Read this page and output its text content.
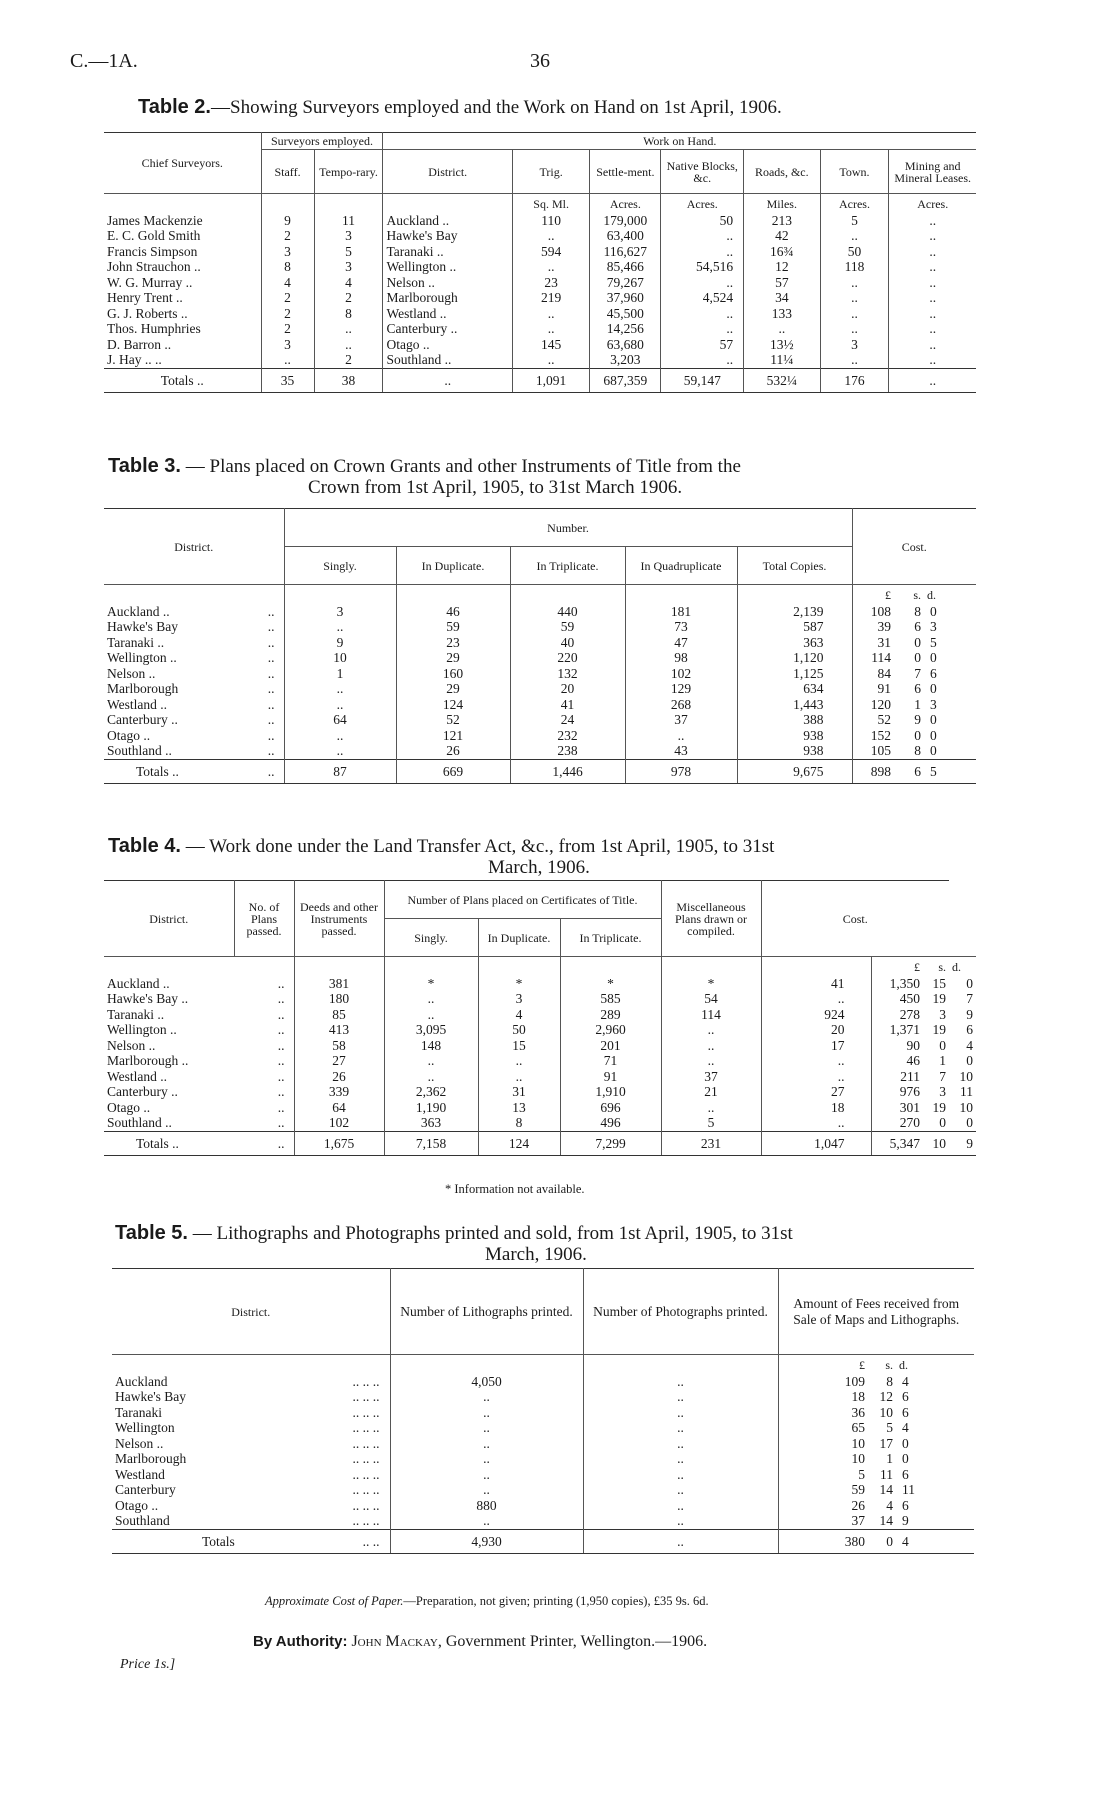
C.—1A.	36
Table 2.—Showing Surveyors employed and the Work on Hand on 1st April, 1906.
Chief Surveyors.	Surveyors employed.		Work on Hand.						
	Staff.	Tempo-rary.	District.	Trig.	Settle-ment.	Native Blocks, &c.	Roads, &c.	Town.	Mining and Mineral Leases.
				Sq. Ml.	Acres.	Acres.	Miles.	Acres.	Acres.
James Mackenzie	9	11	Auckland ..	110	179,000	50	213	5	..
E. C. Gold Smith	2	3	Hawke's Bay	..	63,400	..	42	..	..
Francis Simpson	3	5	Taranaki ..	594	116,627	..	16¾	50	..
John Strauchon ..	8	3	Wellington ..	..	85,466	54,516	12	118	..
W. G. Murray ..	4	4	Nelson ..	23	79,267	..	57	..	..
Henry Trent ..	2	2	Marlborough	219	37,960	4,524	34	..	..
G. J. Roberts ..	2	8	Westland ..	..	45,500	..	133	..	..
Thos. Humphries	2	..	Canterbury ..	..	14,256	..	..	..	..
D. Barron ..	3	..	Otago ..	145	63,680	57	13½	3	..
J. Hay .. ..	..	2	Southland ..	..	3,203	..	11¼	..	..
Totals ..	35	38	..	1,091	687,359	59,147	532¼	176	..
Table 3. — Plans placed on Crown Grants and other Instruments of Title from the
Crown from 1st April, 1905, to 31st March 1906.
District.	Number.					Cost.		
	Singly.	In Duplicate.	In Triplicate.	In Quadruplicate	Total Copies.			
						£	s.	d.
Auckland .. ..	3	46	440	181	2,139	108	8	0
Hawke's Bay ..	..	59	59	73	587	39	6	3
Taranaki .. ..	9	23	40	47	363	31	0	5
Wellington .. ..	10	29	220	98	1,120	114	0	0
Nelson .. ..	1	160	132	102	1,125	84	7	6
Marlborough ..	..	29	20	129	634	91	6	0
Westland .. ..	..	124	41	268	1,443	120	1	3
Canterbury .. ..	64	52	24	37	388	52	9	0
Otago .. ..	..	121	232	..	938	152	0	0
Southland .. ..	..	26	238	43	938	105	8	0
Totals .. ..	87	669	1,446	978	9,675	898	6	5
Table 4. — Work done under the Land Transfer Act, &c., from 1st April, 1905, to 31st
March, 1906.
District.	No. of Plans passed.	Deeds and other Instruments passed.	Number of Plans placed on Certificates of Title.			Miscellaneous Plans drawn or compiled.	Cost.			
			Singly.	In Duplicate.	In Triplicate.					
								£	s.	d.
Auckland .. ..		381	*	*	*	*	41	1,350	15	0
Hawke's Bay .. ..		180	..	3	585	54	..	450	19	7
Taranaki .. ..		85	..	4	289	114	924	278	3	9
Wellington .. ..		413	3,095	50	2,960	..	20	1,371	19	6
Nelson .. ..		58	148	15	201	..	17	90	0	4
Marlborough .. ..		27	..	..	71	..	..	46	1	0
Westland .. ..		26	..	..	91	37	..	211	7	10
Canterbury .. ..		339	2,362	31	1,910	21	27	976	3	11
Otago .. ..		64	1,190	13	696	..	18	301	19	10
Southland .. ..		102	363	8	496	5	..	270	0	0
Totals .. ..		1,675	7,158	124	7,299	231	1,047	5,347	10	9
* Information not available.
Table 5. — Lithographs and Photographs printed and sold, from 1st April, 1905, to 31st
March, 1906.
District.		Number of Lithographs printed.	Number of Photographs printed.	Amount of Fees received from Sale of Maps and Lithographs.		
				£	s.	d.
Auckland	.. .. ..	4,050	..	109	8	4
Hawke's Bay	.. .. ..	..	..	18	12	6
Taranaki	.. .. ..	..	..	36	10	6
Wellington	.. .. ..	..	..	65	5	4
Nelson ..	.. .. ..	..	..	10	17	0
Marlborough	.. .. ..	..	..	10	1	0
Westland	.. .. ..	..	..	5	11	6
Canterbury	.. .. ..	..	..	59	14	11
Otago ..	.. .. ..	880	..	26	4	6
Southland	.. .. ..	..	..	37	14	9
Totals	.. ..	4,930	..	380	0	4
Approximate Cost of Paper.—Preparation, not given; printing (1,950 copies), £35 9s. 6d.
By Authority: John Mackay, Government Printer, Wellington.—1906.
Price 1s.]
